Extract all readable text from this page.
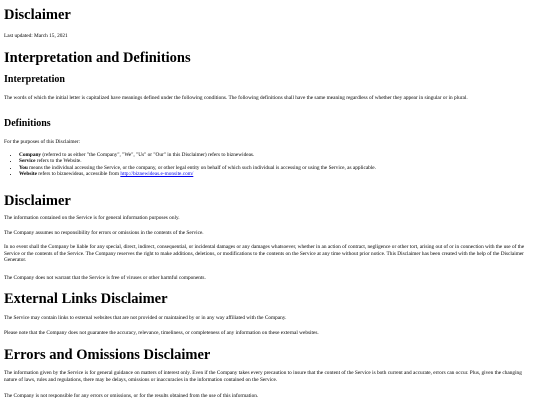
Disclaimer

Last updated: March 15, 2021

Interpretation and Definitions
Interpretation

The words of which the initial letter is capitalized have meanings defined under the following conditions. The following definitions shall have the same meaning regardless of whether they appear in singular or in plural.

Definitions

For the purposes of this Disclaimer:

• Company (referred to as either "the Company", "We", "Us" or "Our" in this Disclaimer) refers to biznewideas.
• Service refers to the Website.
• You means the individual accessing the Service, or the company, or other legal entity on behalf of which such individual is accessing or using the Service, as applicable.
• Website refers to biznewideas, accessible from http://biznewideas.e-monsite.com/
Disclaimer

The information contained on the Service is for general information purposes only.

The Company assumes no responsibility for errors or omissions in the contents of the Service.

In no event shall the Company be liable for any special, direct, indirect, consequential, or incidental damages or any damages whatsoever, whether in an action of contract, negligence or other tort, arising out of or in connection with the use of the Service or the contents of the Service. The Company reserves the right to make additions, deletions, or modifications to the contents on the Service at any time without prior notice. This Disclaimer has been created with the help of the Disclaimer Generator.

The Company does not warrant that the Service is free of viruses or other harmful components.

External Links Disclaimer

The Service may contain links to external websites that are not provided or maintained by or in any way affiliated with the Company.

Please note that the Company does not guarantee the accuracy, relevance, timeliness, or completeness of any information on these external websites.

Errors and Omissions Disclaimer

The information given by the Service is for general guidance on matters of interest only. Even if the Company takes every precaution to insure that the content of the Service is both current and accurate, errors can occur. Plus, given the changing nature of laws, rules and regulations, there may be delays, omissions or inaccuracies in the information contained on the Service.

The Company is not responsible for any errors or omissions, or for the results obtained from the use of this information.
